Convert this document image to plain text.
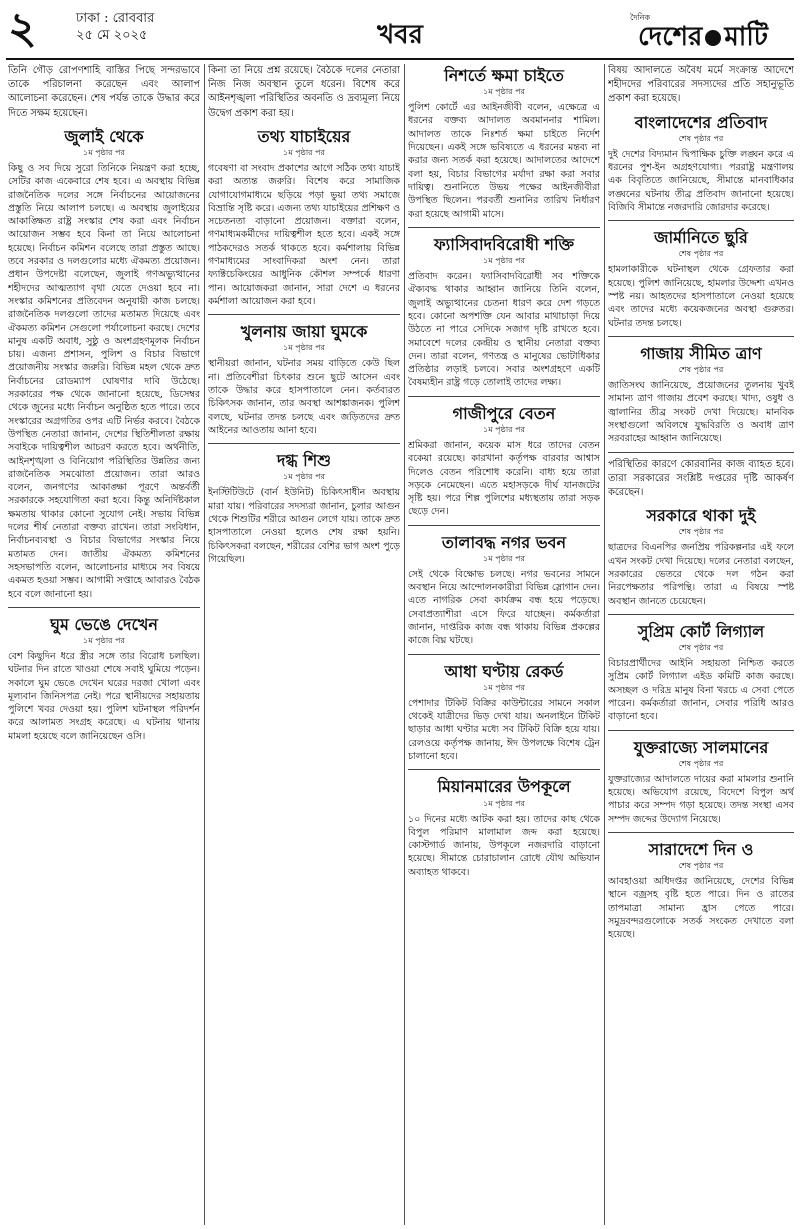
২	ঢাকা : রোববার
২৫ মে ২০২৫	খবর
দৈনিক
দেশের মাটি
তিনি গৌড় রোপণশাহি বাস্তির পিছে সন্দরভাবে তাকে পরিচালনা করেছেন এবং আলাপ আলোচনা করেছেন। শেষ পর্যন্ত তাকে উদ্ধার করে দিতে সক্ষম হয়েছেন।
জুলাই থেকে
১ম পৃষ্ঠার পর
কিছু ও সব দিয়ে সুরো তিনিকে নিয়ন্ত্রণ করা হচ্ছে, সেটির কাজ একেবারে শেষ হবে। এ অবস্থায় বিভিন্ন রাজনৈতিক দলের সঙ্গে নির্বাচনের আয়োজনের প্রস্তুতি নিয়ে আলাপ চলছে। এ অবস্থায় জুলাইয়ের আকাঙ্ক্ষিত রাষ্ট্র সংস্কার শেষ করা এবং নির্বাচন আয়োজন সম্ভব হবে কিনা তা নিয়ে আলোচনা হয়েছে। নির্বাচন কমিশন বলেছে তারা প্রস্তুত আছে। তবে সরকার ও দলগুলোর মধ্যে ঐকমত্য প্রয়োজন। প্রধান উপদেষ্টা বলেছেন, জুলাই গণঅভ্যুত্থানের শহীদদের আত্মত্যাগ বৃথা যেতে দেওয়া হবে না। সংস্কার কমিশনের প্রতিবেদন অনুযায়ী কাজ চলছে। রাজনৈতিক দলগুলো তাদের মতামত দিয়েছে এবং ঐকমত্য কমিশন সেগুলো পর্যালোচনা করছে। দেশের মানুষ একটি অবাধ, সুষ্ঠু ও অংশগ্রহণমূলক নির্বাচন চায়। এজন্য প্রশাসন, পুলিশ ও বিচার বিভাগে প্রয়োজনীয় সংস্কার জরুরি। বিভিন্ন মহল থেকে দ্রুত নির্বাচনের রোডম্যাপ ঘোষণার দাবি উঠেছে। সরকারের পক্ষ থেকে জানানো হয়েছে, ডিসেম্বর থেকে জুনের মধ্যে নির্বাচন অনুষ্ঠিত হতে পারে। তবে সংস্কারের অগ্রগতির ওপর এটি নির্ভর করবে। বৈঠকে উপস্থিত নেতারা জানান, দেশের স্থিতিশীলতা রক্ষায় সবাইকে দায়িত্বশীল আচরণ করতে হবে। অর্থনীতি, আইনশৃঙ্খলা ও বিনিয়োগ পরিস্থিতির উন্নতির জন্য রাজনৈতিক সমঝোতা প্রয়োজন। তারা আরও বলেন, জনগণের আকাঙ্ক্ষা পূরণে অন্তর্বর্তী সরকারকে সহযোগিতা করা হবে। কিন্তু অনির্দিষ্টকাল ক্ষমতায় থাকার কোনো সুযোগ নেই। সভায় বিভিন্ন দলের শীর্ষ নেতারা বক্তব্য রাখেন। তারা সংবিধান, নির্বাচনব্যবস্থা ও বিচার বিভাগের সংস্কার নিয়ে মতামত দেন। জাতীয় ঐকমত্য কমিশনের সহসভাপতি বলেন, আলোচনার মাধ্যমে সব বিষয়ে একমত হওয়া সম্ভব। আগামী সপ্তাহে আবারও বৈঠক হবে বলে জানানো হয়।
ঘুম ভেঙে দেখেন
১ম পৃষ্ঠার পর
বেশ কিছুদিন ধরে স্ত্রীর সঙ্গে তার বিরোধ চলছিল। ঘটনার দিন রাতে খাওয়া শেষে সবাই ঘুমিয়ে পড়েন। সকালে ঘুম ভেঙে দেখেন ঘরের দরজা খোলা এবং মূল্যবান জিনিসপত্র নেই। পরে স্থানীয়দের সহায়তায় পুলিশে খবর দেওয়া হয়। পুলিশ ঘটনাস্থল পরিদর্শন করে আলামত সংগ্রহ করেছে। এ ঘটনায় থানায় মামলা হয়েছে বলে জানিয়েছেন ওসি।
কিনা তা নিয়ে প্রশ্ন রয়েছে। বৈঠকে দলের নেতারা নিজ নিজ অবস্থান তুলে ধরেন। বিশেষ করে আইনশৃঙ্খলা পরিস্থিতির অবনতি ও দ্রব্যমূল্য নিয়ে উদ্বেগ প্রকাশ করা হয়।
তথ্য যাচাইয়ের
১ম পৃষ্ঠার পর
গবেষণা বা সংবাদ প্রকাশের আগে সঠিক তথ্য যাচাই করা অত্যন্ত জরুরি। বিশেষ করে সামাজিক যোগাযোগমাধ্যমে ছড়িয়ে পড়া ভুয়া তথ্য সমাজে বিভ্রান্তি সৃষ্টি করে। এজন্য তথ্য যাচাইয়ের প্রশিক্ষণ ও সচেতনতা বাড়ানো প্রয়োজন। বক্তারা বলেন, গণমাধ্যমকর্মীদের দায়িত্বশীল হতে হবে। একই সঙ্গে পাঠকদেরও সতর্ক থাকতে হবে। কর্মশালায় বিভিন্ন গণমাধ্যমের সাংবাদিকরা অংশ নেন। তারা ফ্যাক্টচেকিংয়ের আধুনিক কৌশল সম্পর্কে ধারণা পান। আয়োজকরা জানান, সারা দেশে এ ধরনের কর্মশালা আয়োজন করা হবে।
খুলনায় জায়া ঘুমকে
১ম পৃষ্ঠার পর
স্থানীয়রা জানান, ঘটনার সময় বাড়িতে কেউ ছিল না। প্রতিবেশীরা চিৎকার শুনে ছুটে আসেন এবং তাকে উদ্ধার করে হাসপাতালে নেন। কর্তব্যরত চিকিৎসক জানান, তার অবস্থা আশঙ্কাজনক। পুলিশ বলছে, ঘটনার তদন্ত চলছে এবং জড়িতদের দ্রুত আইনের আওতায় আনা হবে।
দগ্ধ শিশু
১ম পৃষ্ঠার পর
ইনস্টিটিউটে (বার্ন ইউনিট) চিকিৎসাধীন অবস্থায় মারা যায়। পরিবারের সদস্যরা জানান, চুলার আগুন থেকে শিশুটির শরীরে আগুন লেগে যায়। তাকে দ্রুত হাসপাতালে নেওয়া হলেও শেষ রক্ষা হয়নি। চিকিৎসকরা বলছেন, শরীরের বেশির ভাগ অংশ পুড়ে গিয়েছিল।
নিশর্তে ক্ষমা চাইতে
১ম পৃষ্ঠার পর
পুলিশ কোর্টে এর আইনজীবী বলেন, এক্ষেত্রে এ ধরনের বক্তব্য আদালত অবমাননার শামিল। আদালত তাকে নিঃশর্ত ক্ষমা চাইতে নির্দেশ দিয়েছেন। একই সঙ্গে ভবিষ্যতে এ ধরনের মন্তব্য না করার জন্য সতর্ক করা হয়েছে। আদালতের আদেশে বলা হয়, বিচার বিভাগের মর্যাদা রক্ষা করা সবার দায়িত্ব। শুনানিতে উভয় পক্ষের আইনজীবীরা উপস্থিত ছিলেন। পরবর্তী শুনানির তারিখ নির্ধারণ করা হয়েছে আগামী মাসে।
ফ্যাসিবাদবিরোধী শক্তি
১ম পৃষ্ঠার পর
প্রতিবাদ করেন। ফ্যাসিবাদবিরোধী সব শক্তিকে ঐক্যবদ্ধ থাকার আহ্বান জানিয়ে তিনি বলেন, জুলাই অভ্যুত্থানের চেতনা ধারণ করে দেশ গড়তে হবে। কোনো অপশক্তি যেন আবার মাথাচাড়া দিয়ে উঠতে না পারে সেদিকে সজাগ দৃষ্টি রাখতে হবে। সমাবেশে দলের কেন্দ্রীয় ও স্থানীয় নেতারা বক্তব্য দেন। তারা বলেন, গণতন্ত্র ও মানুষের ভোটাধিকার প্রতিষ্ঠার লড়াই চলবে। সবার অংশগ্রহণে একটি বৈষম্যহীন রাষ্ট্র গড়ে তোলাই তাদের লক্ষ্য।
গাজীপুরে বেতন
১ম পৃষ্ঠার পর
শ্রমিকরা জানান, কয়েক মাস ধরে তাদের বেতন বকেয়া রয়েছে। কারখানা কর্তৃপক্ষ বারবার আশ্বাস দিলেও বেতন পরিশোধ করেনি। বাধ্য হয়ে তারা সড়কে নেমেছেন। এতে মহাসড়কে দীর্ঘ যানজটের সৃষ্টি হয়। পরে শিল্প পুলিশের মধ্যস্থতায় তারা সড়ক ছেড়ে দেন।
তালাবদ্ধ নগর ভবন
১ম পৃষ্ঠার পর
সেই থেকে বিক্ষোভ চলছে। নগর ভবনের সামনে অবস্থান নিয়ে আন্দোলনকারীরা বিভিন্ন স্লোগান দেন। এতে নাগরিক সেবা কার্যক্রম বন্ধ হয়ে পড়েছে। সেবাপ্রত্যাশীরা এসে ফিরে যাচ্ছেন। কর্মকর্তারা জানান, দাপ্তরিক কাজ বন্ধ থাকায় বিভিন্ন প্রকল্পের কাজে বিঘ্ন ঘটছে।
আধা ঘণ্টায় রেকর্ড
১ম পৃষ্ঠার পর
পেশাদার টিকিট বিক্রির কাউন্টারের সামনে সকাল থেকেই যাত্রীদের ভিড় দেখা যায়। অনলাইনে টিকিট ছাড়ার আধা ঘণ্টার মধ্যে সব টিকিট বিক্রি হয়ে যায়। রেলওয়ে কর্তৃপক্ষ জানায়, ঈদ উপলক্ষে বিশেষ ট্রেন চালানো হবে।
মিয়ানমারের উপকূলে
১ম পৃষ্ঠার পর
১০ দিনের মধ্যে আটক করা হয়। তাদের কাছ থেকে বিপুল পরিমাণ মালামাল জব্দ করা হয়েছে। কোস্টগার্ড জানায়, উপকূলে নজরদারি বাড়ানো হয়েছে। সীমান্তে চোরাচালান রোধে যৌথ অভিযান অব্যাহত থাকবে।
বিষয় আদালতে অবৈধ মর্মে সংক্রান্ত আদেশে শহীদদের পরিবারের সদস্যদের প্রতি সহানুভূতি প্রকাশ করা হয়েছে।
বাংলাদেশের প্রতিবাদ
শেষ পৃষ্ঠার পর
দুই দেশের বিদ্যমান দ্বিপাক্ষিক চুক্তি লঙ্ঘন করে এ ধরনের পুশ-ইন অগ্রহণযোগ্য। পররাষ্ট্র মন্ত্রণালয় এক বিবৃতিতে জানিয়েছে, সীমান্তে মানবাধিকার লঙ্ঘনের ঘটনায় তীব্র প্রতিবাদ জানানো হয়েছে। বিজিবি সীমান্তে নজরদারি জোরদার করেছে।
জার্মানিতে ছুরি
শেষ পৃষ্ঠার পর
হামলাকারীকে ঘটনাস্থল থেকে গ্রেফতার করা হয়েছে। পুলিশ জানিয়েছে, হামলার উদ্দেশ্য এখনও স্পষ্ট নয়। আহতদের হাসপাতালে নেওয়া হয়েছে এবং তাদের মধ্যে কয়েকজনের অবস্থা গুরুতর। ঘটনার তদন্ত চলছে।
গাজায় সীমিত ত্রাণ
শেষ পৃষ্ঠার পর
জাতিসংঘ জানিয়েছে, প্রয়োজনের তুলনায় খুবই সামান্য ত্রাণ গাজায় প্রবেশ করছে। খাদ্য, ওষুধ ও জ্বালানির তীব্র সংকট দেখা দিয়েছে। মানবিক সংস্থাগুলো অবিলম্বে যুদ্ধবিরতি ও অবাধ ত্রাণ সরবরাহের আহ্বান জানিয়েছে।
পরিস্থিতির কারণে কোরবানির কাজ ব্যাহত হবে। তারা সরকারের সংশ্লিষ্ট দপ্তরের দৃষ্টি আকর্ষণ করেছেন।
সরকারে থাকা দুই
শেষ পৃষ্ঠার পর
ছাত্রদের বিএনপির জনপ্রিয় পরিকল্পনার এই ফলে এখন সংকট দেখা দিয়েছে। দলের নেতারা বলছেন, সরকারের ভেতরে থেকে দল গঠন করা নিরপেক্ষতার পরিপন্থি। তারা এ বিষয়ে স্পষ্ট অবস্থান জানতে চেয়েছেন।
সুপ্রিম কোর্ট লিগ্যাল
শেষ পৃষ্ঠার পর
বিচারপ্রার্থীদের আইনি সহায়তা নিশ্চিত করতে সুপ্রিম কোর্ট লিগ্যাল এইড কমিটি কাজ করছে। অসচ্ছল ও দরিদ্র মানুষ বিনা খরচে এ সেবা পেতে পারেন। কর্মকর্তারা জানান, সেবার পরিধি আরও বাড়ানো হবে।
যুক্তরাজ্যে সালমানের
শেষ পৃষ্ঠার পর
যুক্তরাজ্যের আদালতে দায়ের করা মামলার শুনানি হয়েছে। অভিযোগ রয়েছে, বিদেশে বিপুল অর্থ পাচার করে সম্পদ গড়া হয়েছে। তদন্ত সংস্থা এসব সম্পদ জব্দের উদ্যোগ নিয়েছে।
সারাদেশে দিন ও
শেষ পৃষ্ঠার পর
আবহাওয়া অধিদপ্তর জানিয়েছে, দেশের বিভিন্ন স্থানে বজ্রসহ বৃষ্টি হতে পারে। দিন ও রাতের তাপমাত্রা সামান্য হ্রাস পেতে পারে। সমুদ্রবন্দরগুলোকে সতর্ক সংকেত দেখাতে বলা হয়েছে।
